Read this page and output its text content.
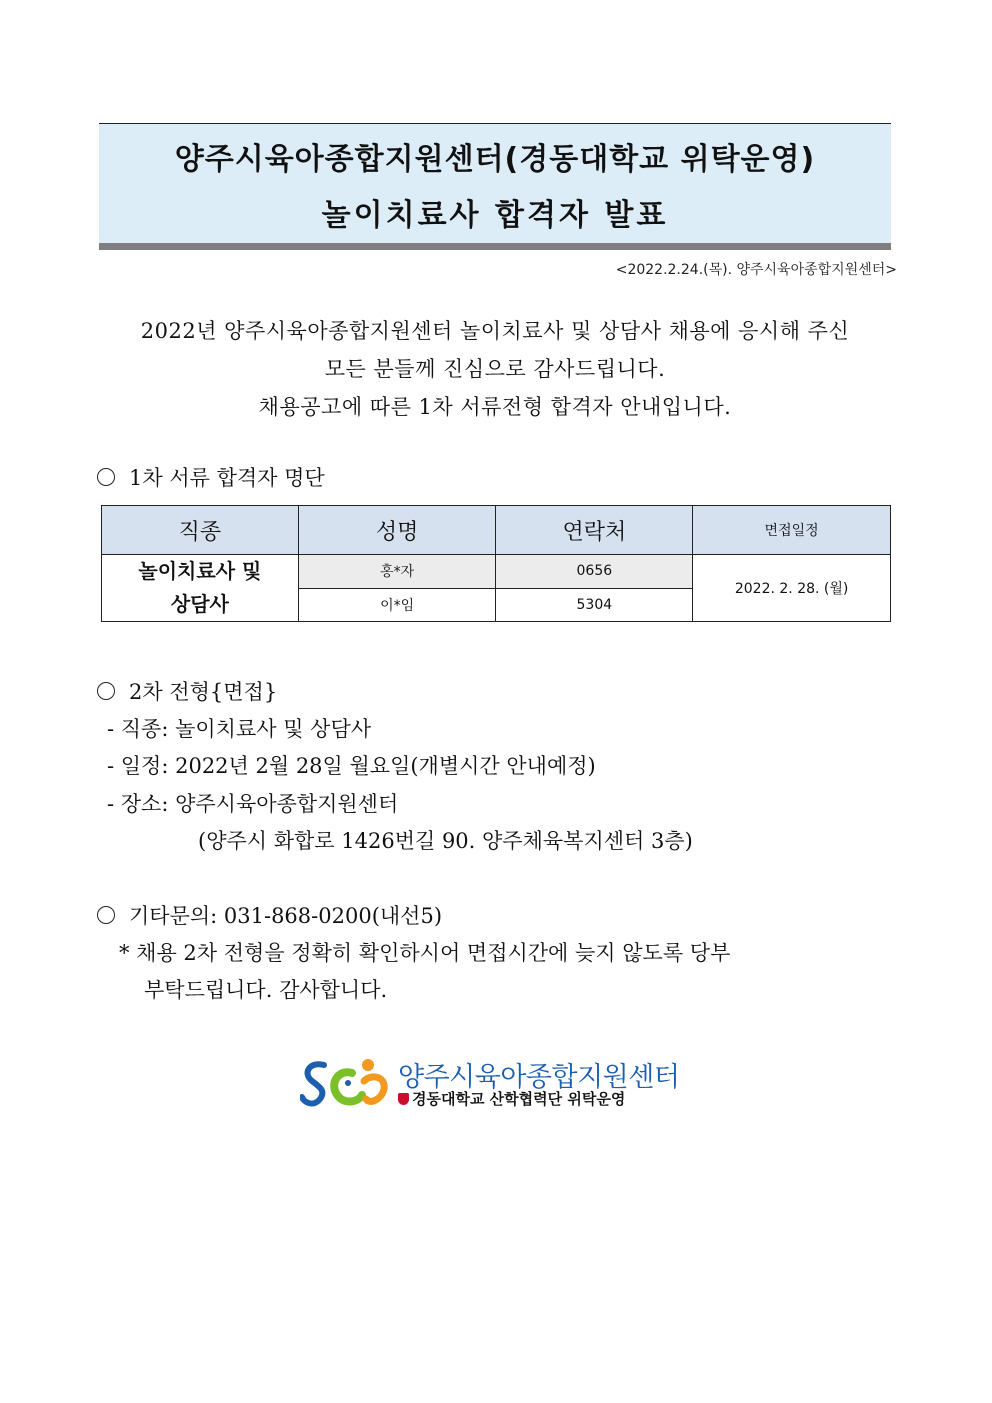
양주시육아종합지원센터(경동대학교 위탁운영)
놀이치료사 합격자 발표
<2022.2.24.(목). 양주시육아종합지원센터>
2022년 양주시육아종합지원센터 놀이치료사 및 상담사 채용에 응시해 주신
모든 분들께 진심으로 감사드립니다.
채용공고에 따른 1차 서류전형 합격자 안내입니다.
1차 서류 합격자 명단
직종	성명	연락처	면접일정

놀이치료사 및
상담사	홍*자	0656	2022. 2. 28. (월)
	이*임	5304	
2차 전형{면접}
- 직종: 놀이치료사 및 상담사
- 일정: 2022년 2월 28일 월요일(개별시간 안내예정)
- 장소: 양주시육아종합지원센터
(양주시 화합로 1426번길 90. 양주체육복지센터 3층)
기타문의: 031-868-0200(내선5)
* 채용 2차 전형을 정확히 확인하시어 면접시간에 늦지 않도록 당부
부탁드립니다. 감사합니다.
양주시육아종합지원센터
경동대학교 산학협력단 위탁운영
